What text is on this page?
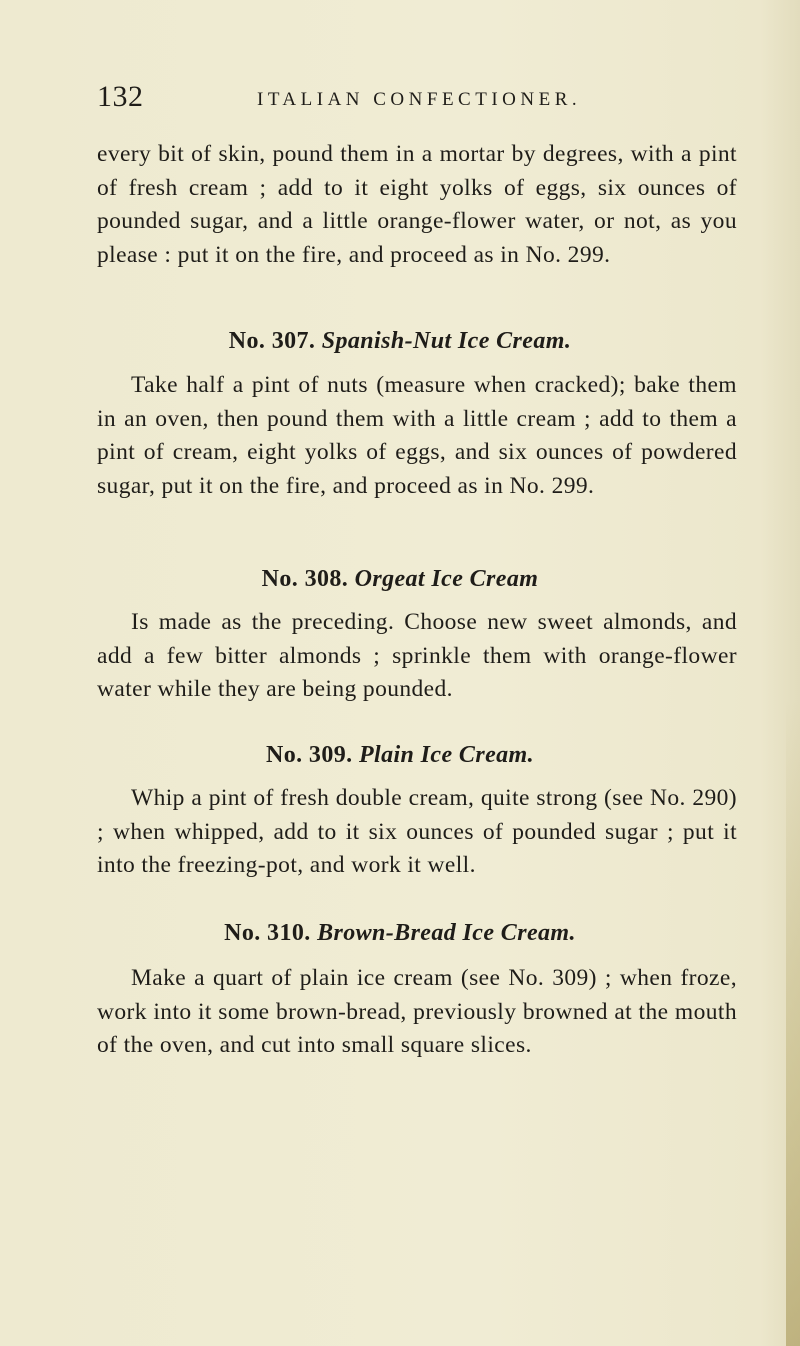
132	ITALIAN CONFECTIONER.

every bit of skin, pound them in a mortar by degrees, with a pint of fresh cream ; add to it eight yolks of eggs, six ounces of pounded sugar, and a little orange-flower water, or not, as you please : put it on the fire, and proceed as in No. 299.

No. 307. Spanish-Nut Ice Cream.

Take half a pint of nuts (measure when cracked); bake them in an oven, then pound them with a little cream ; add to them a pint of cream, eight yolks of eggs, and six ounces of powdered sugar, put it on the fire, and proceed as in No. 299.

No. 308. Orgeat Ice Cream

Is made as the preceding. Choose new sweet almonds, and add a few bitter almonds ; sprinkle them with orange-flower water while they are being pounded.

No. 309. Plain Ice Cream.

Whip a pint of fresh double cream, quite strong (see No. 290) ; when whipped, add to it six ounces of pounded sugar ; put it into the freezing-pot, and work it well.

No. 310. Brown-Bread Ice Cream.

Make a quart of plain ice cream (see No. 309) ; when froze, work into it some brown-bread, previously browned at the mouth of the oven, and cut into small square slices.
